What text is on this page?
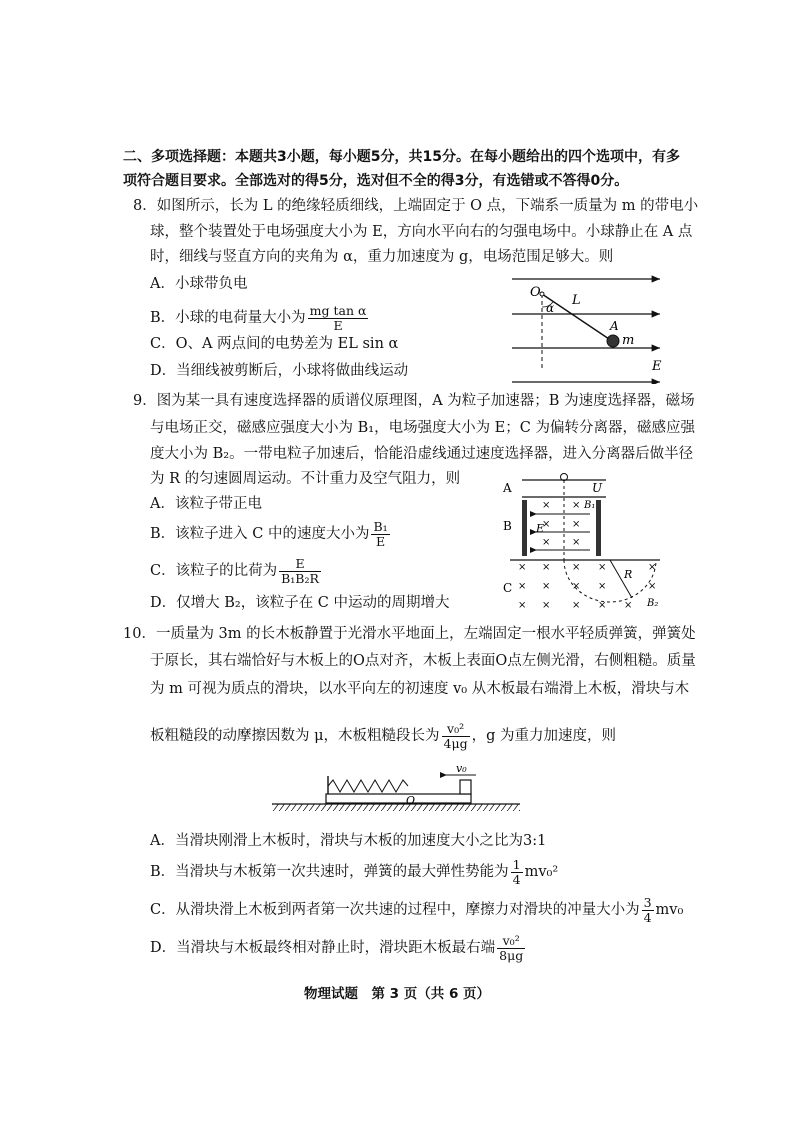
二、多项选择题：本题共3小题，每小题5分，共15分。在每小题给出的四个选项中，有多
项符合题目要求。全部选对的得5分，选对但不全的得3分，有选错或不答得0分。
8．如图所示，长为 L 的绝缘轻质细线，上端固定于 O 点，下端系一质量为 m 的带电小
球，整个装置处于电场强度大小为 E，方向水平向右的匀强电场中。小球静止在 A 点
时，细线与竖直方向的夹角为 α，重力加速度为 g，电场范围足够大。则
A．小球带负电
B．小球的电荷量大小为 $\frac{\text{mg tan α}}{E}$
C．O、A 两点间的电势差为 EL sin α
D．当细线被剪断后，小球将做曲线运动
O
α L
A
m
E
9．图为某一具有速度选择器的质谱仪原理图，A 为粒子加速器；B 为速度选择器，磁场
与电场正交，磁感应强度大小为 B₁，电场强度大小为 E；C 为偏转分离器，磁感应强
度大小为 B₂。一带电粒子加速后，恰能沿虚线通过速度选择器，进入分离器后做半径
为 R 的匀速圆周运动。不计重力及空气阻力，则
A．该粒子带正电
B．该粒子进入 C 中的速度大小为 $\frac{\text{B₁}}{E}$
C．该粒子的比荷为 $\frac{E}{\text{B₁B₂R}}$
D．仅增大 B₂，该粒子在 C 中运动的周期增大
A	U
B
× ×
× ×
× ×
B₁
E
C
R
× × × ×	×
× × × ×	×
× × × × × B₂
10．一质量为 3m 的长木板静置于光滑水平地面上，左端固定一根水平轻质弹簧，弹簧处
于原长，其右端恰好与木板上的O点对齐，木板上表面O点左侧光滑，右侧粗糙。质量
为 m 可视为质点的滑块，以水平向左的初速度 v₀ 从木板最右端滑上木板，滑块与木
板粗糙段的动摩擦因数为 μ，木板粗糙段长为 $\frac{\text{v₀²}}{4\mu g}$ ，g 为重力加速度，则
v₀
O
A．当滑块刚滑上木板时，滑块与木板的加速度大小之比为3:1
B．当滑块与木板第一次共速时，弹簧的最大弹性势能为 $\frac{1}{4} mv_0^2$
C．从滑块滑上木板到两者第一次共速的过程中，摩擦力对滑块的冲量大小为 $\frac{3}{4} mv_0$
D．当滑块与木板最终相对静止时，滑块距木板最右端 $\frac{\text{v₀²}}{8\mu g}$
物理试题　第 3 页（共 6 页）
